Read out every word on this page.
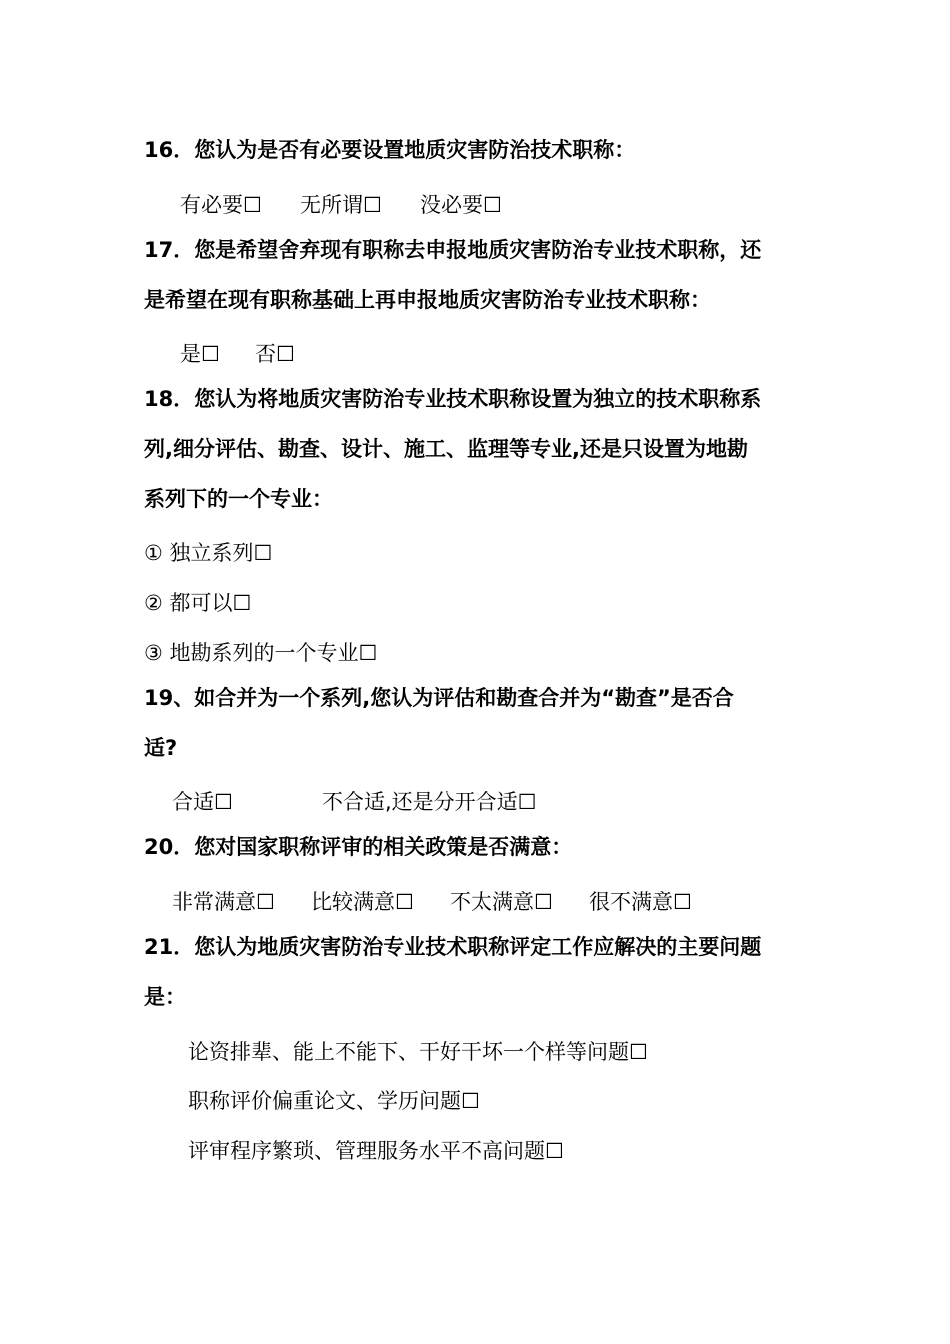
16．您认为是否有必要设置地质灾害防治技术职称：
有必要☐ 无所谓☐ 没必要☐
17．您是希望舍弃现有职称去申报地质灾害防治专业技术职称，还
是希望在现有职称基础上再申报地质灾害防治专业技术职称：
是☐ 否☐
18．您认为将地质灾害防治专业技术职称设置为独立的技术职称系
列,细分评估、勘查、设计、施工、监理等专业,还是只设置为地勘
系列下的一个专业：
① 独立系列☐
② 都可以☐
③ 地勘系列的一个专业☐
19、如合并为一个系列,您认为评估和勘查合并为“勘查”是否合
适?
合适☐	不合适,还是分开合适☐
20．您对国家职称评审的相关政策是否满意：
非常满意☐ 比较满意☐ 不太满意☐ 很不满意☐
21．您认为地质灾害防治专业技术职称评定工作应解决的主要问题
是：
论资排辈、能上不能下、干好干坏一个样等问题☐
职称评价偏重论文、学历问题☐
评审程序繁琐、管理服务水平不高问题☐
